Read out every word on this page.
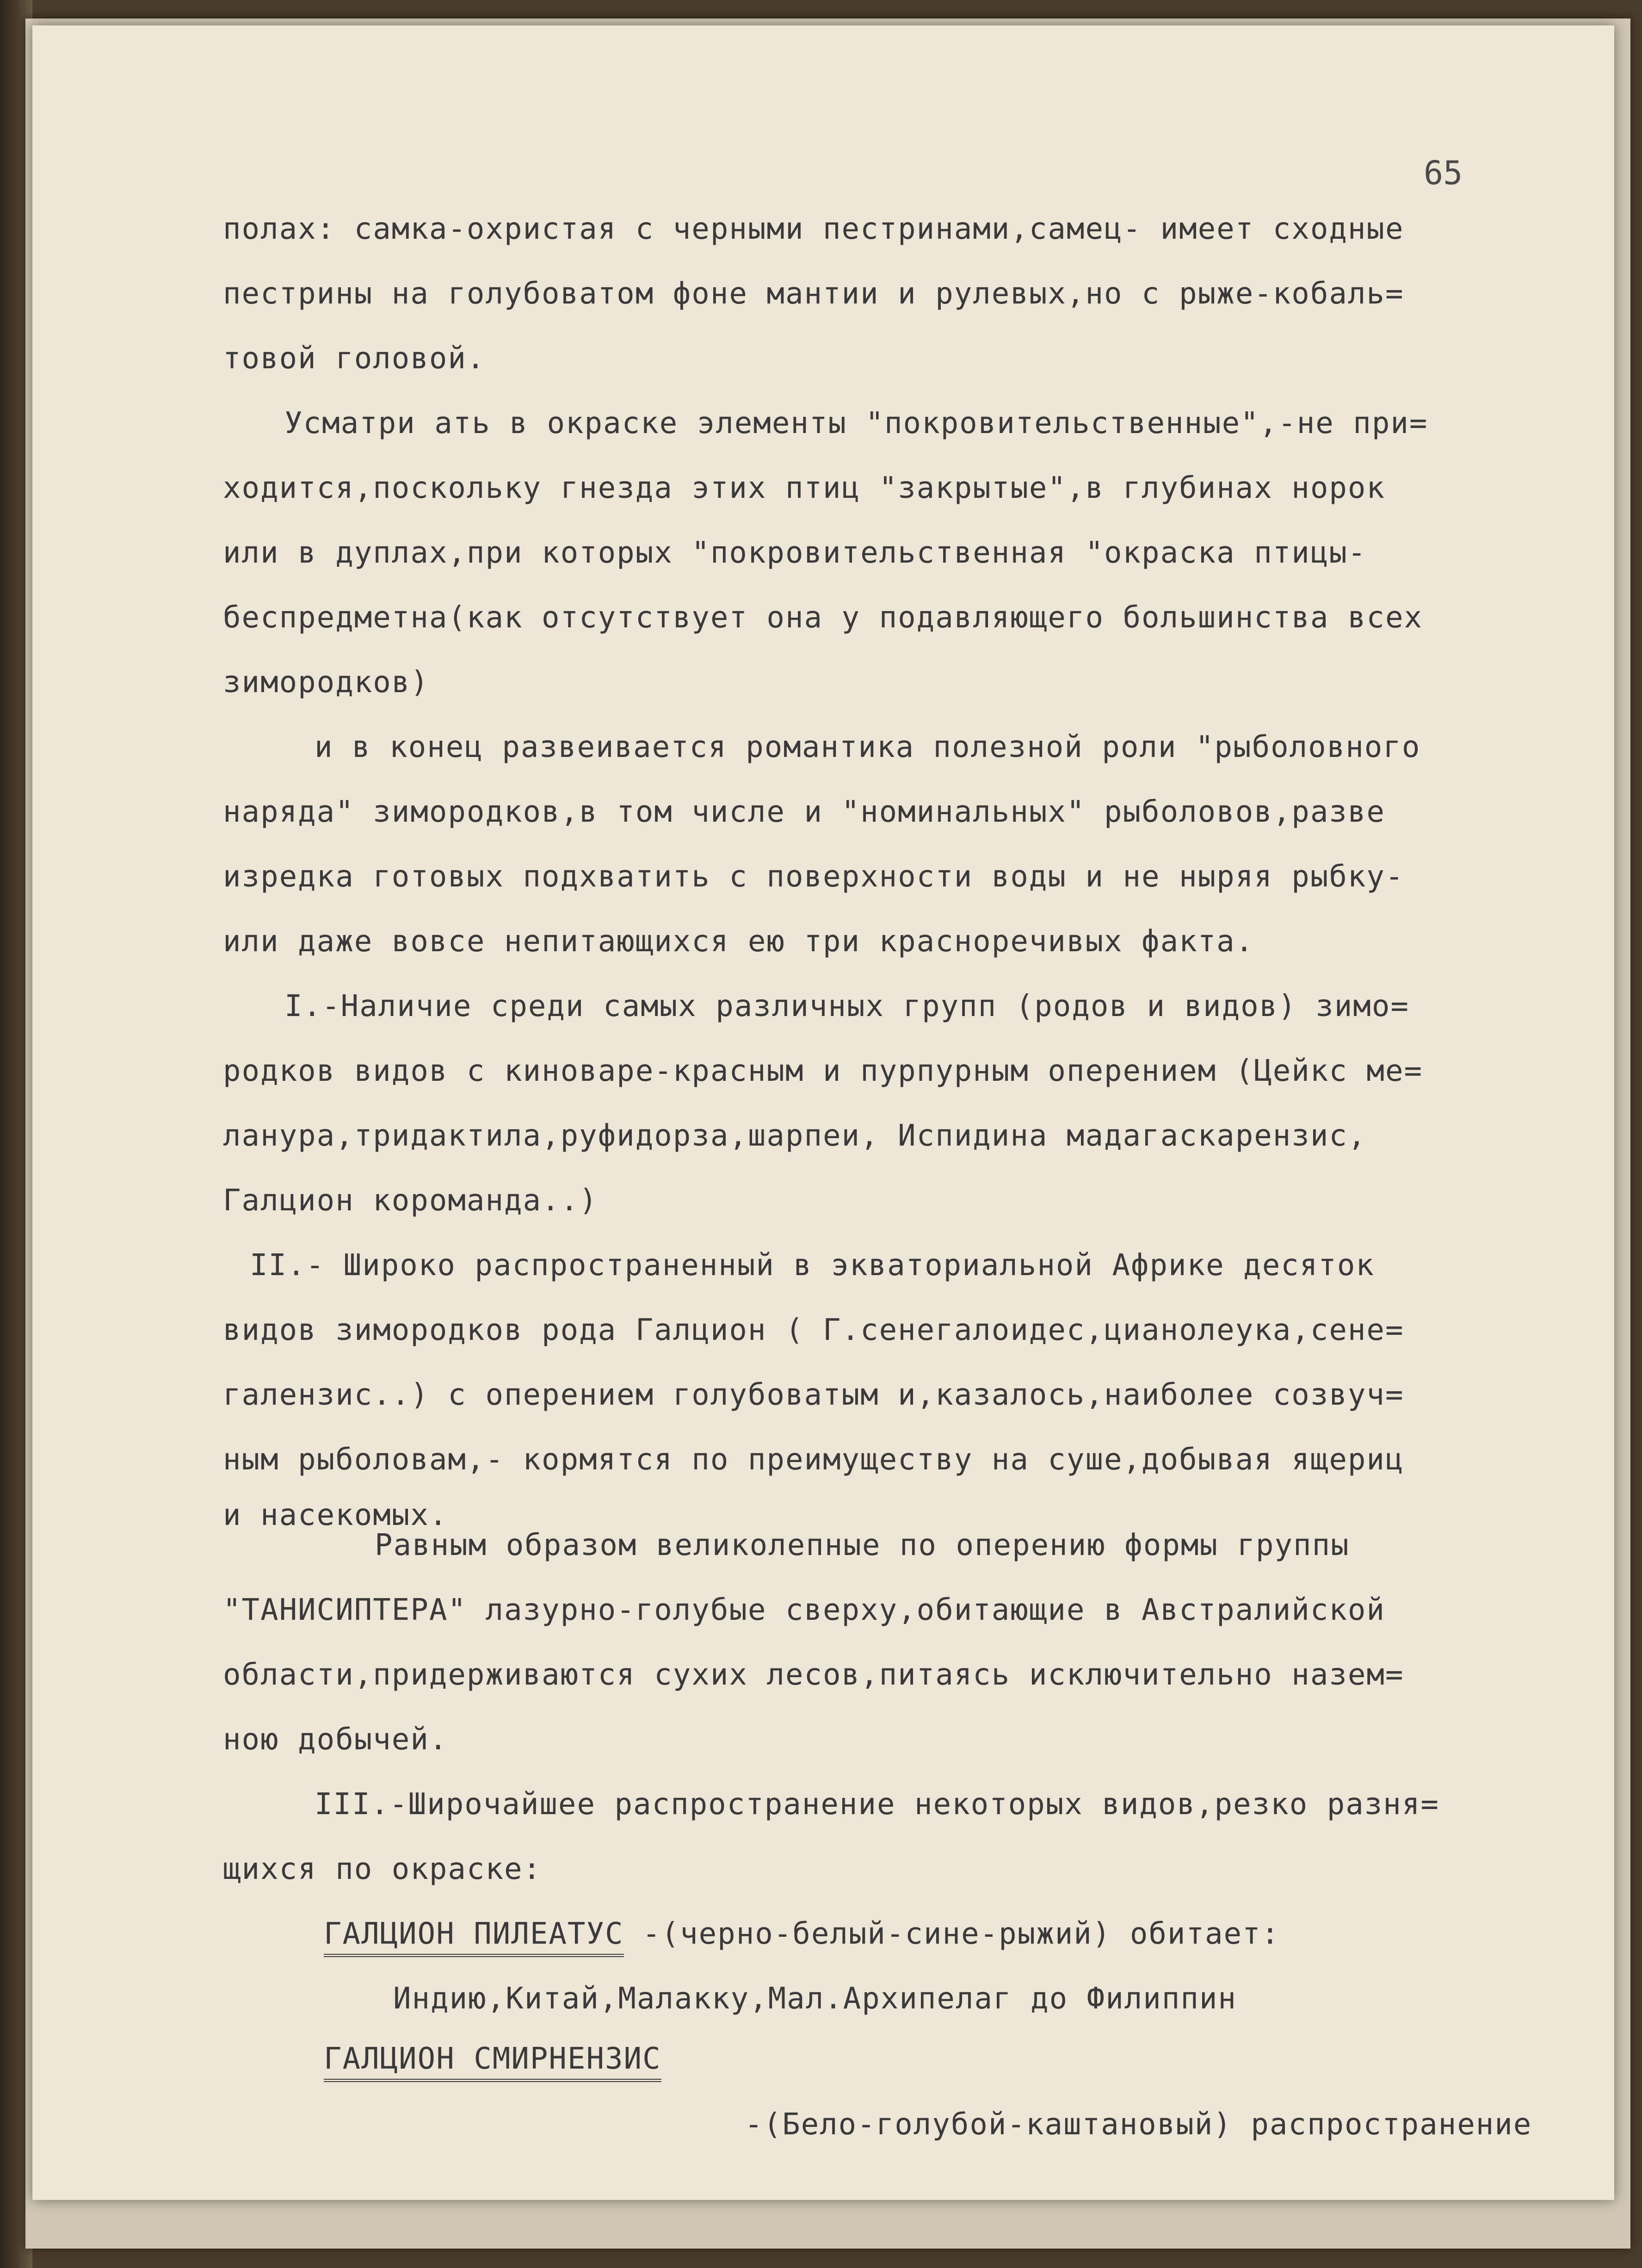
65
полах: самка-охристая с черными пестринами,самец- имеет сходные
пестрины на голубоватом фоне мантии и рулевых,но с рыже-кобаль=
товой головой.
Усматри ать в окраске элементы "покровительственные",-не при=
ходится,поскольку гнезда этих птиц "закрытые",в глубинах норок
или в дуплах,при которых "покровительственная "окраска птицы-
беспредметна(как отсутствует она у подавляющего большинства всех
зимородков)
и в конец развеивается романтика полезной роли "рыболовного
наряда" зимородков,в том числе и "номинальных" рыболовов,разве
изредка готовых подхватить с поверхности воды и не ныряя рыбку-
или даже вовсе непитающихся ею три красноречивых факта.
I.-Наличие среди самых различных групп (родов и видов) зимо=
родков видов с киноваре-красным и пурпурным оперением (Цейкс ме=
лануpa,тридактила,руфидорза,шарпеи, Испидина мадагаскарензис,
Галцион коромандa..)
II.- Широко распространенный в экваториальной Африке десяток
видов зимородков рода Галцион ( Г.сенегалоидес,цианолеука,сене=
галензис..) с оперением голубоватым и,казалось,наиболее созвуч=
ным рыболовам,- кормятся по преимуществу на суше,добывая ящериц
и насекомых.
Равным образом великолепные по оперению формы группы
"ТАНИСИПТЕРА" лазурно-голубые сверху,обитающие в Австралийской
области,придерживаются сухих лесов,питаясь исключительно назем=
ною добычей.
III.-Широчайшее распространение некоторых видов,резко разня=
щихся по окраске:
ГАЛЦИОН ПИЛЕАТУС -(черно-белый-сине-рыжий) обитает:
Индию,Китай,Малакку,Мал.Архипелаг до Филиппин
ГАЛЦИОН СМИРНЕНЗИС
-(Бело-голубой-каштановый) распространение
